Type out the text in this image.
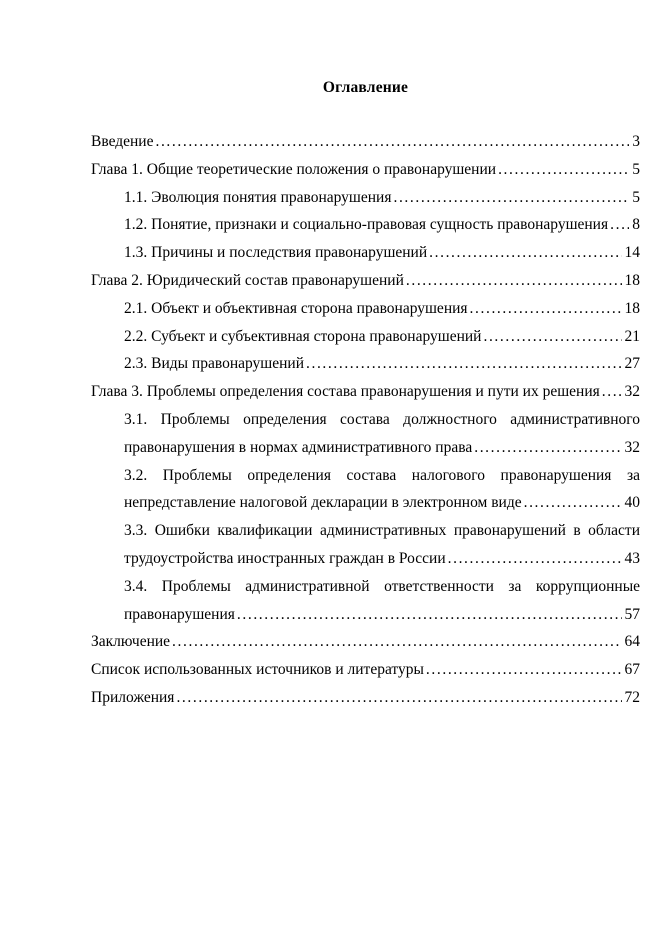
Оглавление
Введение .....	3
Глава 1. Общие теоретические положения о правонарушении .....	5
1.1. Эволюция понятия правонарушения .....	5
1.2. Понятие, признаки и социально-правовая сущность правонарушения ..... 8
1.3. Причины и последствия правонарушений .....	14
Глава 2. Юридический состав правонарушений .....	18
2.1. Объект и объективная сторона правонарушения .....	18
2.2. Субъект и субъективная сторона правонарушений .....	21
2.3. Виды правонарушений .....	27
Глава 3. Проблемы определения состава правонарушения и пути их решения ..... 32
3.1. Проблемы определения состава должностного административного
правонарушения в нормах административного права .....	32
3.2. Проблемы определения состава налогового правонарушения за
непредставление налоговой декларации в электронном виде .....	40
3.3. Ошибки квалификации административных правонарушений в области
трудоустройства иностранных граждан в России .....	43
3.4. Проблемы административной ответственности за коррупционные
правонарушения .....	57
Заключение .....	64
Список использованных источников и литературы .....	67
Приложения .....	72
